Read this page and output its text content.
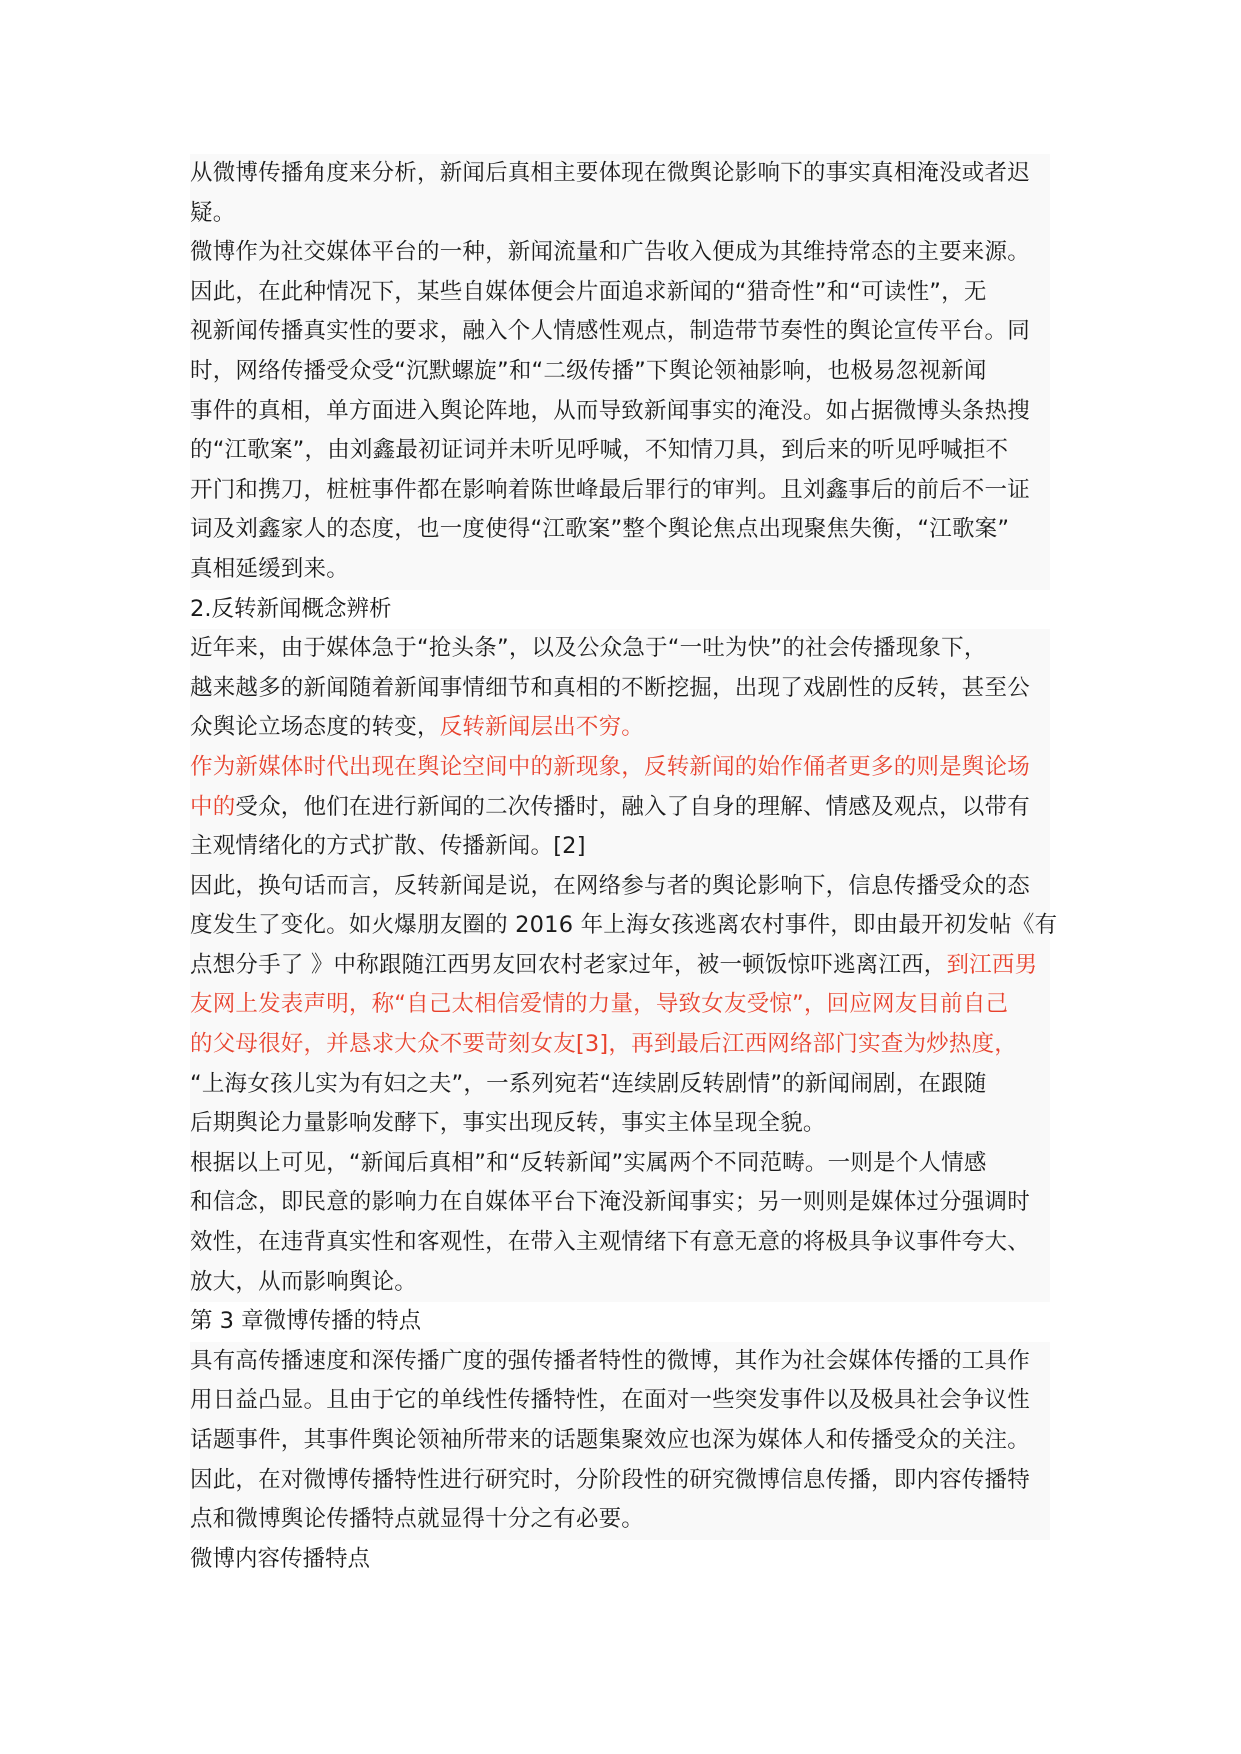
从微博传播角度来分析，新闻后真相主要体现在微舆论影响下的事实真相淹没或者迟
疑。

微博作为社交媒体平台的一种，新闻流量和广告收入便成为其维持常态的主要来源。
因此，在此种情况下，某些自媒体便会片面追求新闻的“猎奇性”和“可读性”，无
视新闻传播真实性的要求，融入个人情感性观点，制造带节奏性的舆论宣传平台。同
时，网络传播受众受“沉默螺旋”和“二级传播”下舆论领袖影响，也极易忽视新闻
事件的真相，单方面进入舆论阵地，从而导致新闻事实的淹没。如占据微博头条热搜
的“江歌案”，由刘鑫最初证词并未听见呼喊，不知情刀具，到后来的听见呼喊拒不
开门和携刀，桩桩事件都在影响着陈世峰最后罪行的审判。且刘鑫事后的前后不一证
词及刘鑫家人的态度，也一度使得“江歌案”整个舆论焦点出现聚焦失衡，“江歌案”
真相延缓到来。

2.反转新闻概念辨析

近年来，由于媒体急于“抢头条”，以及公众急于“一吐为快”的社会传播现象下，
越来越多的新闻随着新闻事情细节和真相的不断挖掘，出现了戏剧性的反转，甚至公
众舆论立场态度的转变，反转新闻层出不穷。

作为新媒体时代出现在舆论空间中的新现象，反转新闻的始作俑者更多的则是舆论场
中的受众，他们在进行新闻的二次传播时，融入了自身的理解、情感及观点，以带有
主观情绪化的方式扩散、传播新闻。[2]

因此，换句话而言，反转新闻是说，在网络参与者的舆论影响下，信息传播受众的态
度发生了变化。如火爆朋友圈的 2016 年上海女孩逃离农村事件，即由最开初发帖《有
点想分手了 》中称跟随江西男友回农村老家过年，被一顿饭惊吓逃离江西，到江西男
友网上发表声明，称“自己太相信爱情的力量，导致女友受惊”，回应网友目前自己
的父母很好，并恳求大众不要苛刻女友[3]，再到最后江西网络部门实查为炒热度，
“上海女孩儿实为有妇之夫”，一系列宛若“连续剧反转剧情”的新闻闹剧，在跟随
后期舆论力量影响发酵下，事实出现反转，事实主体呈现全貌。

根据以上可见，“新闻后真相”和“反转新闻”实属两个不同范畴。一则是个人情感
和信念，即民意的影响力在自媒体平台下淹没新闻事实；另一则则是媒体过分强调时
效性，在违背真实性和客观性，在带入主观情绪下有意无意的将极具争议事件夸大、
放大，从而影响舆论。

第 3 章微博传播的特点

具有高传播速度和深传播广度的强传播者特性的微博，其作为社会媒体传播的工具作
用日益凸显。且由于它的单线性传播特性，在面对一些突发事件以及极具社会争议性
话题事件，其事件舆论领袖所带来的话题集聚效应也深为媒体人和传播受众的关注。

因此，在对微博传播特性进行研究时，分阶段性的研究微博信息传播，即内容传播特
点和微博舆论传播特点就显得十分之有必要。

微博内容传播特点
